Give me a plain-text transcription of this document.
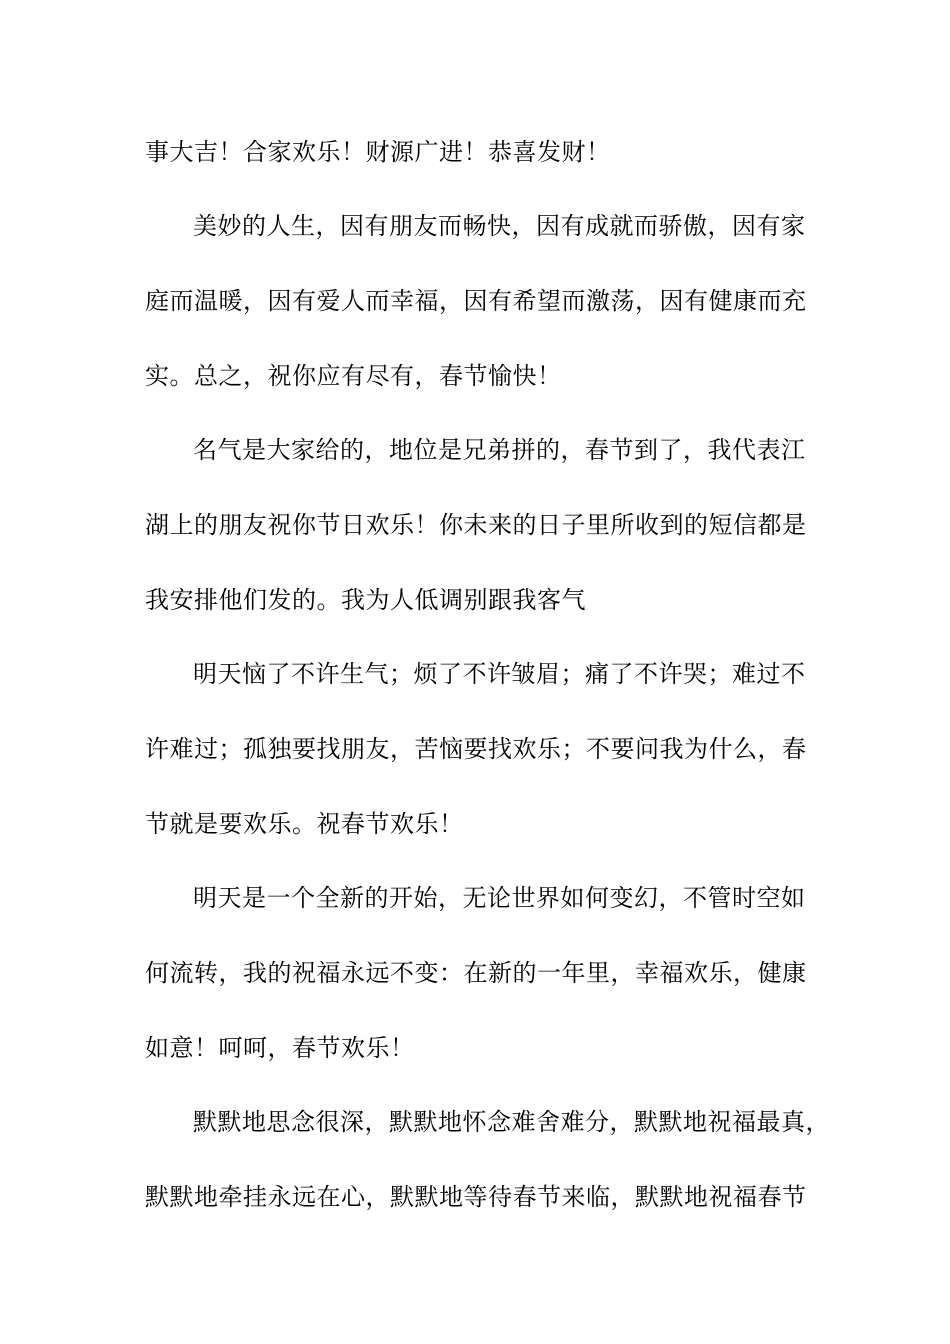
事大吉！合家欢乐！财源广进！恭喜发财！
美妙的人生，因有朋友而畅快，因有成就而骄傲，因有家
庭而温暖，因有爱人而幸福，因有希望而激荡，因有健康而充
实。总之，祝你应有尽有，春节愉快！
名气是大家给的，地位是兄弟拼的，春节到了，我代表江
湖上的朋友祝你节日欢乐！你未来的日子里所收到的短信都是
我安排他们发的。我为人低调别跟我客气
明天恼了不许生气；烦了不许皱眉；痛了不许哭；难过不
许难过；孤独要找朋友，苦恼要找欢乐；不要问我为什么，春
节就是要欢乐。祝春节欢乐！
明天是一个全新的开始，无论世界如何变幻，不管时空如
何流转，我的祝福永远不变：在新的一年里，幸福欢乐，健康
如意！呵呵，春节欢乐！
默默地思念很深，默默地怀念难舍难分，默默地祝福最真，
默默地牵挂永远在心，默默地等待春节来临，默默地祝福春节
